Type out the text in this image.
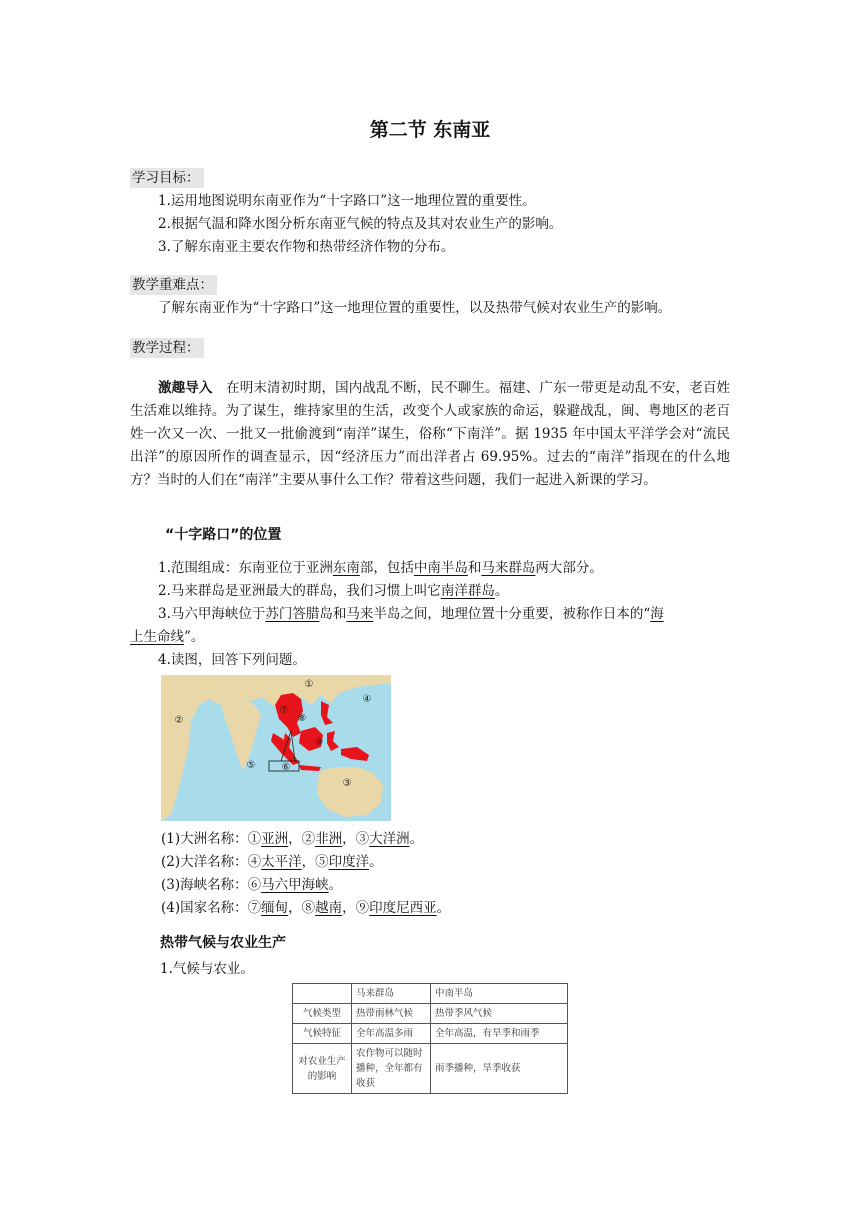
第二节 东南亚
学习目标：
1.运用地图说明东南亚作为“十字路口”这一地理位置的重要性。
2.根据气温和降水图分析东南亚气候的特点及其对农业生产的影响。
3.了解东南亚主要农作物和热带经济作物的分布。
教学重难点：
了解东南亚作为“十字路口”这一地理位置的重要性，以及热带气候对农业生产的影响。
教学过程：
激趣导入　在明末清初时期，国内战乱不断，民不聊生。福建、广东一带更是动乱不安，老百姓生活难以维持。为了谋生，维持家里的生活，改变个人或家族的命运，躲避战乱，闽、粤地区的老百姓一次又一次、一批又一批偷渡到“南洋”谋生，俗称“下南洋”。据 1935 年中国太平洋学会对“流民出洋”的原因所作的调查显示，因“经济压力”而出洋者占 69.95%。过去的“南洋”指现在的什么地方？当时的人们在“南洋”主要从事什么工作？带着这些问题，我们一起进入新课的学习。
“十字路口”的位置
1.范围组成：东南亚位于亚洲东南部，包括中南半岛和马来群岛两大部分。
2.马来群岛是亚洲最大的群岛，我们习惯上叫它南洋群岛。
3.马六甲海峡位于苏门答腊岛和马来半岛之间，地理位置十分重要，被称作日本的“海
上生命线”。
4.读图，回答下列问题。
①
②
③
④
⑤	⑥
⑦
⑧
⑨
(1)大洲名称：①亚洲，②非洲，③大洋洲。
(2)大洋名称：④太平洋，⑤印度洋。
(3)海峡名称：⑥马六甲海峡。
(4)国家名称：⑦缅甸，⑧越南，⑨印度尼西亚。
热带气候与农业生产
1.气候与农业。
	马来群岛	中南半岛
气候类型	热带雨林气候	热带季风气候
气候特征	全年高温多雨	全年高温，有旱季和雨季
对农业生产的影响	农作物可以随时播种，全年都有收获	雨季播种，旱季收获
